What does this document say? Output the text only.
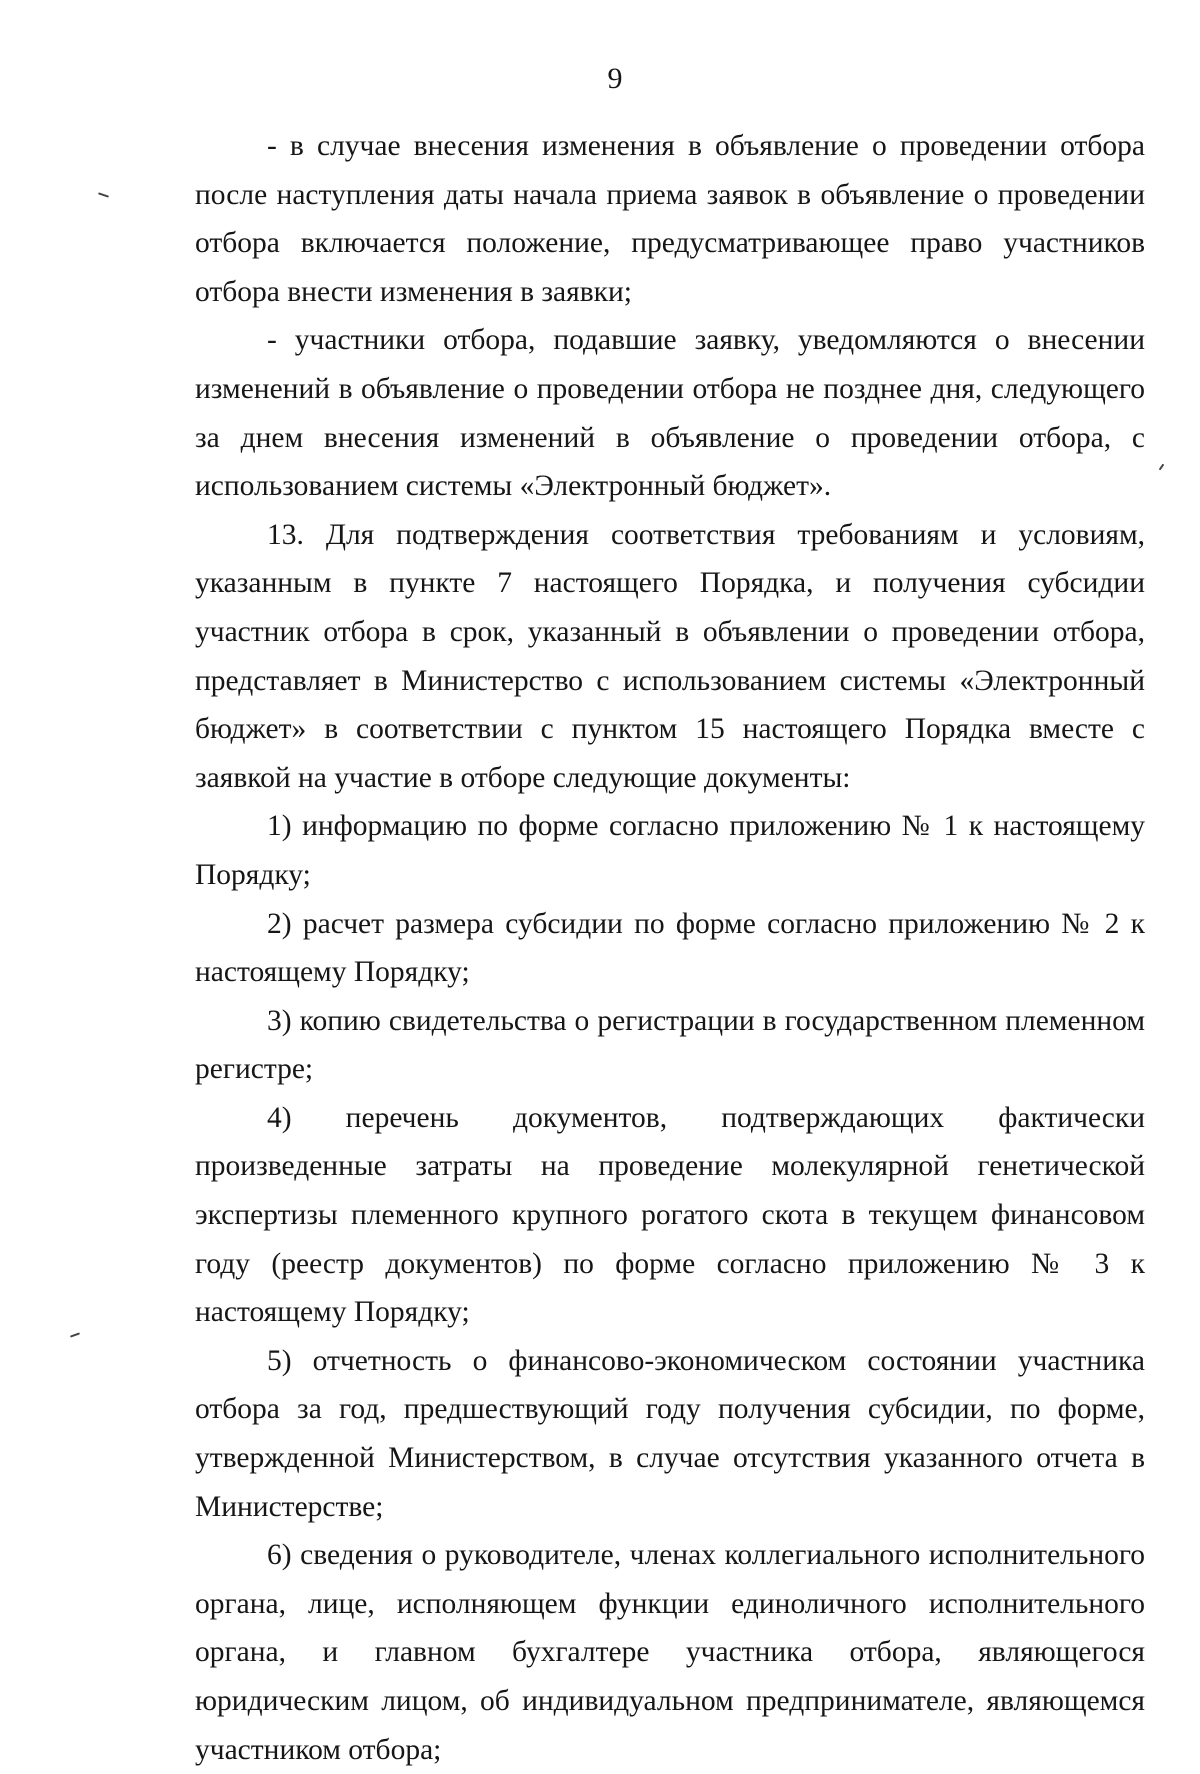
9

- в случае внесения изменения в объявление о проведении отбора после наступления даты начала приема заявок в объявление о проведении отбора включается положение, предусматривающее право участников отбора внести изменения в заявки;

- участники отбора, подавшие заявку, уведомляются о внесении изменений в объявление о проведении отбора не позднее дня, следующего за днем внесения изменений в объявление о проведении отбора, с использованием системы «Электронный бюджет».

13. Для подтверждения соответствия требованиям и условиям, указанным в пункте 7 настоящего Порядка, и получения субсидии участник отбора в срок, указанный в объявлении о проведении отбора, представляет в Министерство с использованием системы «Электронный бюджет» в соответствии с пунктом 15 настоящего Порядка вместе с заявкой на участие в отборе следующие документы:

1) информацию по форме согласно приложению № 1 к настоящему Порядку;

2) расчет размера субсидии по форме согласно приложению № 2 к настоящему Порядку;

3) копию свидетельства о регистрации в государственном племенном регистре;

4) перечень документов, подтверждающих фактически произведенные затраты на проведение молекулярной генетической экспертизы племенного крупного рогатого скота в текущем финансовом году (реестр документов) по форме согласно приложению № 3 к настоящему Порядку;

5) отчетность о финансово-экономическом состоянии участника отбора за год, предшествующий году получения субсидии, по форме, утвержденной Министерством, в случае отсутствия указанного отчета в Министерстве;

6) сведения о руководителе, членах коллегиального исполнительного органа, лице, исполняющем функции единоличного исполнительного органа, и главном бухгалтере участника отбора, являющегося юридическим лицом, об индивидуальном предпринимателе, являющемся участником отбора;
